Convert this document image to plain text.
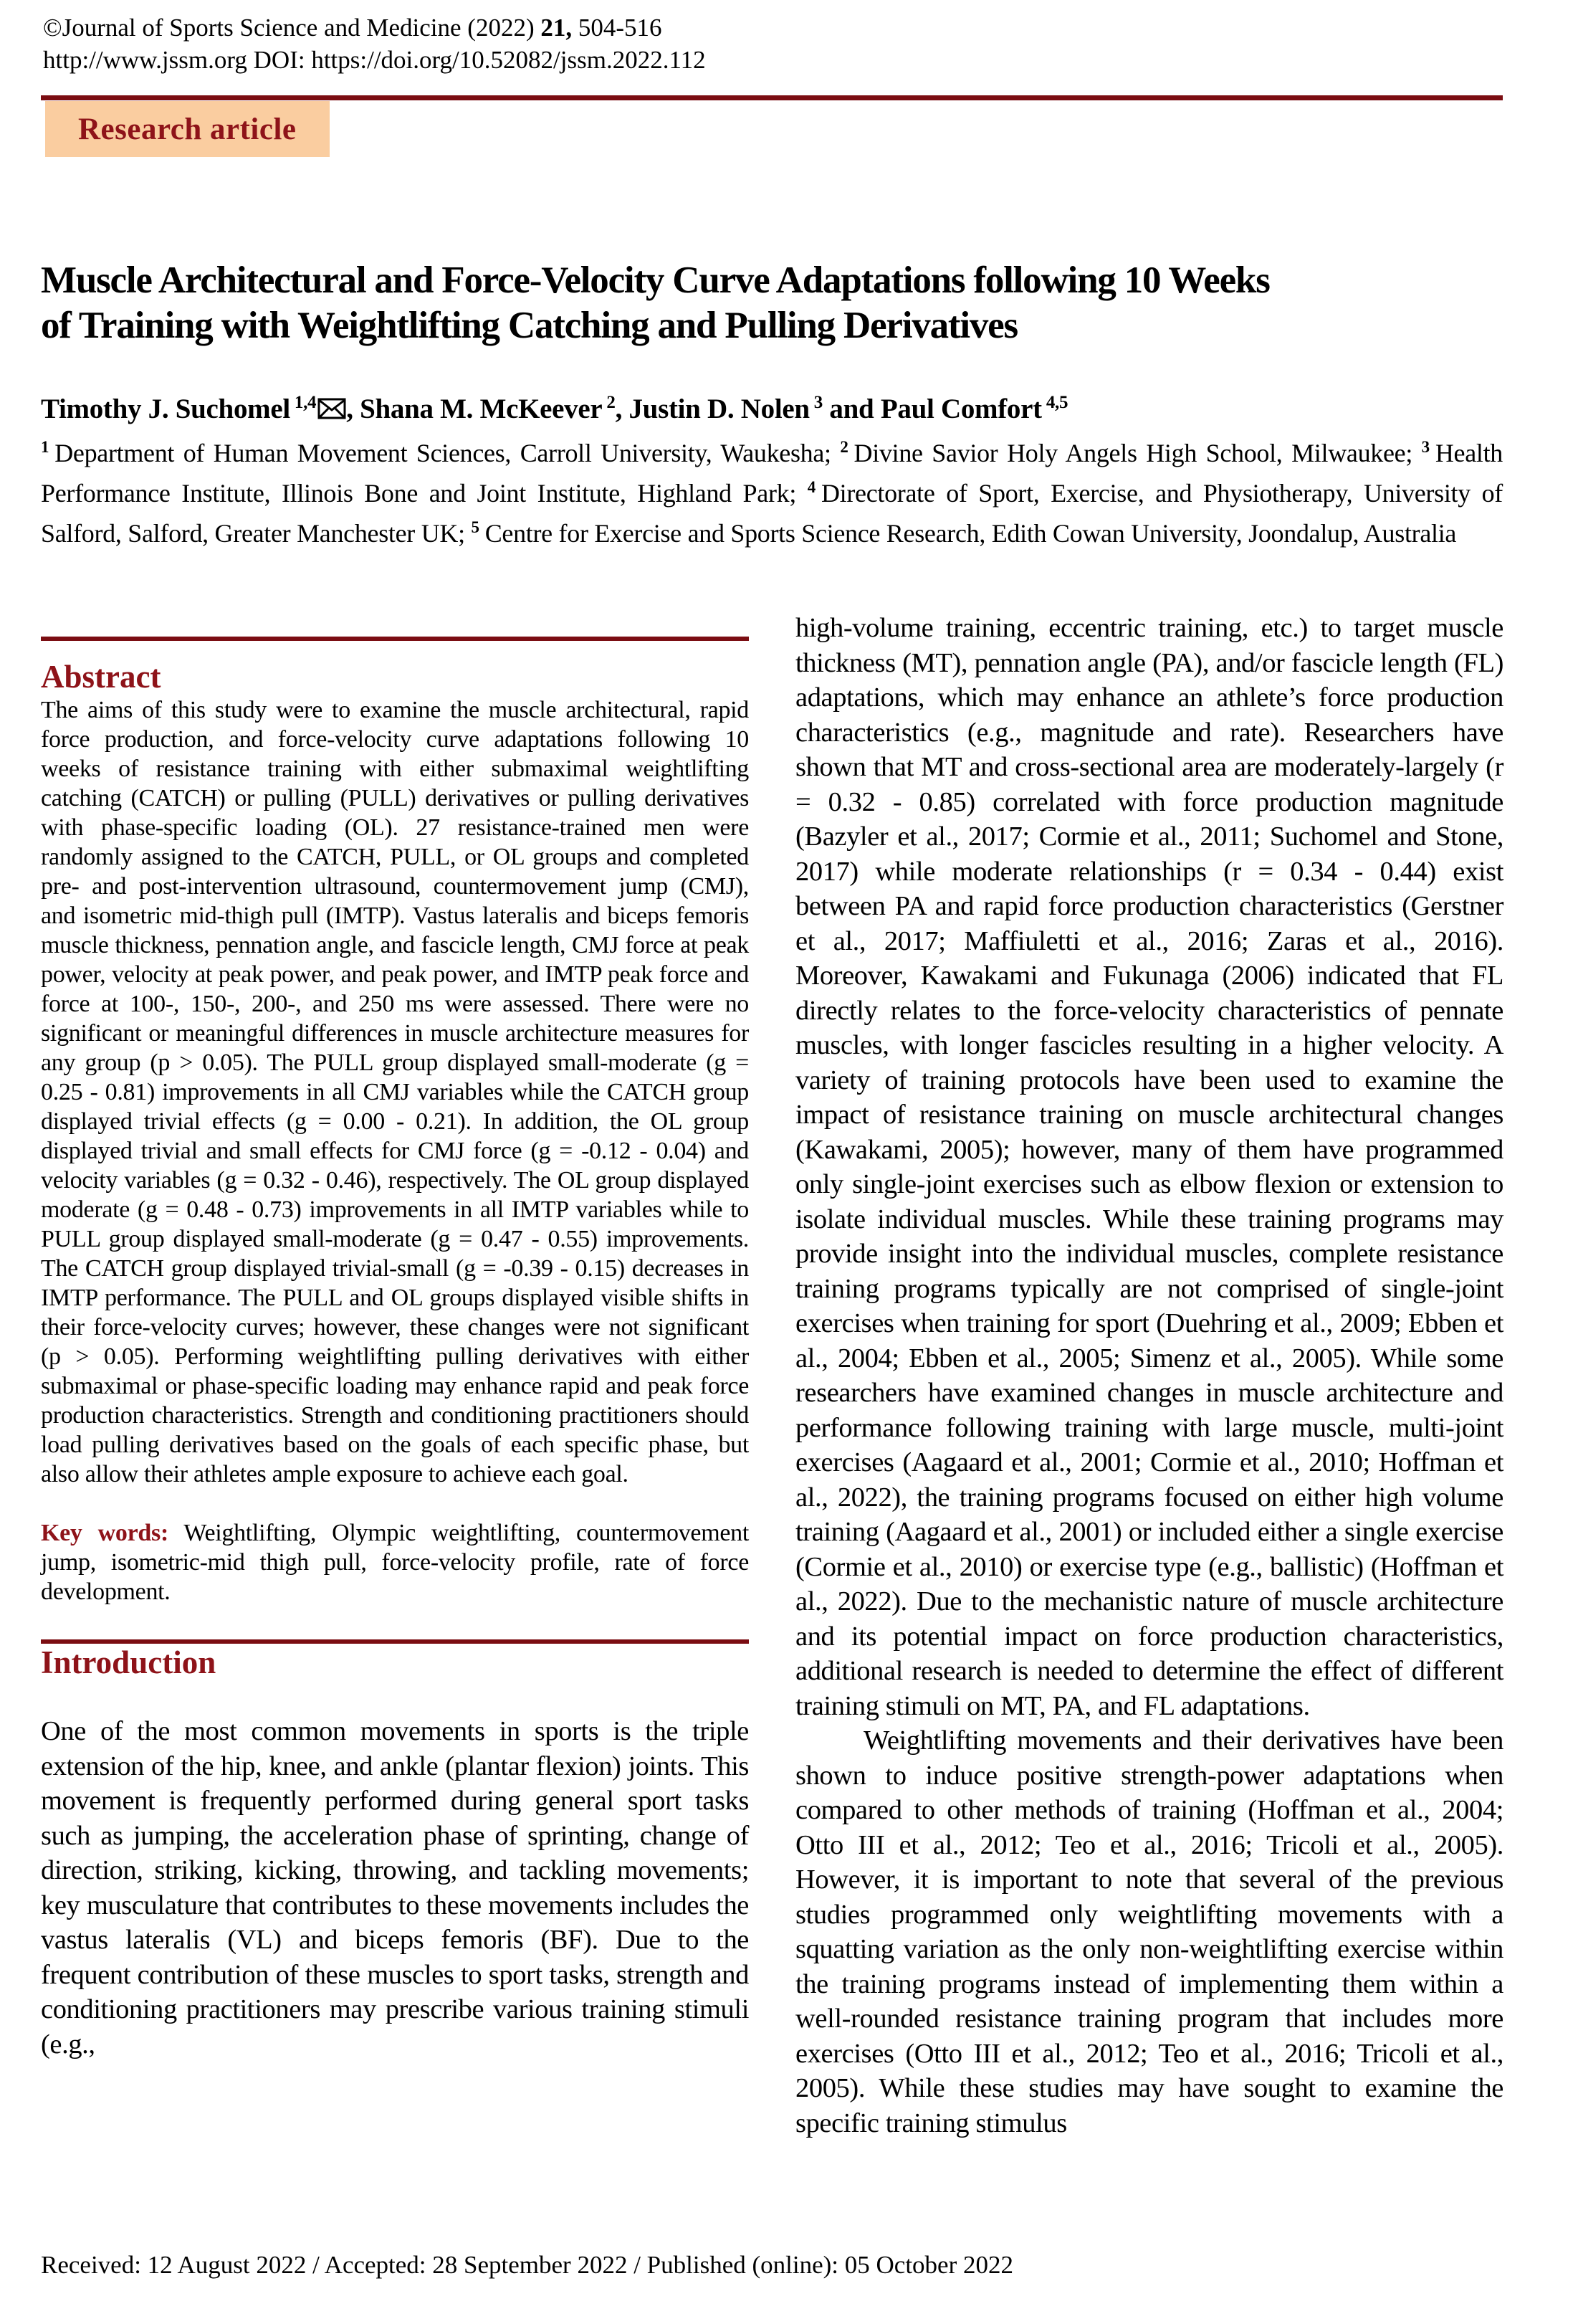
©Journal of Sports Science and Medicine (2022) 21, 504-516
http://www.jssm.org DOI: https://doi.org/10.52082/jssm.2022.112
Research article
Muscle Architectural and Force-Velocity Curve Adaptations following 10 Weeks
of Training with Weightlifting Catching and Pulling Derivatives
Timothy J. Suchomel $^{1,4}$ , Shana M. McKeever $^2$, Justin D. Nolen $^3$ and Paul Comfort $^{4,5}$
$^1$ Department of Human Movement Sciences, Carroll University, Waukesha; $^2$ Divine Savior Holy Angels High School, Milwaukee; $^3$ Health Performance Institute, Illinois Bone and Joint Institute, Highland Park; $^4$ Directorate of Sport, Exercise, and Physiotherapy, University of Salford, Salford, Greater Manchester UK; $^5$ Centre for Exercise and Sports Science Research, Edith Cowan University, Joondalup, Australia
Abstract

The aims of this study were to examine the muscle architectural, rapid force production, and force-velocity curve adaptations following 10 weeks of resistance training with either submaximal weightlifting catching (CATCH) or pulling (PULL) derivatives or pulling derivatives with phase-specific loading (OL). 27 resistance-trained men were randomly assigned to the CATCH, PULL, or OL groups and completed pre- and post-intervention ultrasound, countermovement jump (CMJ), and isometric mid-thigh pull (IMTP). Vastus lateralis and biceps femoris muscle thickness, pennation angle, and fascicle length, CMJ force at peak power, velocity at peak power, and peak power, and IMTP peak force and force at 100-, 150-, 200-, and 250 ms were assessed. There were no significant or meaningful differences in muscle architecture measures for any group (p > 0.05). The PULL group displayed small-moderate (g = 0.25 - 0.81) improvements in all CMJ variables while the CATCH group displayed trivial effects (g = 0.00 - 0.21). In addition, the OL group displayed trivial and small effects for CMJ force (g = -0.12 - 0.04) and velocity variables (g = 0.32 - 0.46), respectively. The OL group displayed moderate (g = 0.48 - 0.73) improvements in all IMTP variables while to PULL group displayed small-moderate (g = 0.47 - 0.55) improvements. The CATCH group displayed trivial-small (g = -0.39 - 0.15) decreases in IMTP performance. The PULL and OL groups displayed visible shifts in their force-velocity curves; however, these changes were not significant (p > 0.05). Performing weightlifting pulling derivatives with either submaximal or phase-specific loading may enhance rapid and peak force production characteristics. Strength and conditioning practitioners should load pulling derivatives based on the goals of each specific phase, but also allow their athletes ample exposure to achieve each goal.

Key words: Weightlifting, Olympic weightlifting, countermovement jump, isometric-mid thigh pull, force-velocity profile, rate of force development.

Introduction

One of the most common movements in sports is the triple extension of the hip, knee, and ankle (plantar flexion) joints. This movement is frequently performed during general sport tasks such as jumping, the acceleration phase of sprinting, change of direction, striking, kicking, throwing, and tackling movements; key musculature that contributes to these movements includes the vastus lateralis (VL) and biceps femoris (BF). Due to the frequent contribution of these muscles to sport tasks, strength and conditioning practitioners may prescribe various training stimuli (e.g.,

high-volume training, eccentric training, etc.) to target muscle thickness (MT), pennation angle (PA), and/or fascicle length (FL) adaptations, which may enhance an athlete’s force production characteristics (e.g., magnitude and rate). Researchers have shown that MT and cross-sectional area are moderately-largely (r = 0.32 - 0.85) correlated with force production magnitude (Bazyler et al., 2017; Cormie et al., 2011; Suchomel and Stone, 2017) while moderate relationships (r = 0.34 - 0.44) exist between PA and rapid force production characteristics (Gerstner et al., 2017; Maffiuletti et al., 2016; Zaras et al., 2016). Moreover, Kawakami and Fukunaga (2006) indicated that FL directly relates to the force-velocity characteristics of pennate muscles, with longer fascicles resulting in a higher velocity. A variety of training protocols have been used to examine the impact of resistance training on muscle architectural changes (Kawakami, 2005); however, many of them have programmed only single-joint exercises such as elbow flexion or extension to isolate individual muscles. While these training programs may provide insight into the individual muscles, complete resistance training programs typically are not comprised of single-joint exercises when training for sport (Duehring et al., 2009; Ebben et al., 2004; Ebben et al., 2005; Simenz et al., 2005). While some researchers have examined changes in muscle architecture and performance following training with large muscle, multi-joint exercises (Aagaard et al., 2001; Cormie et al., 2010; Hoffman et al., 2022), the training programs focused on either high volume training (Aagaard et al., 2001) or included either a single exercise (Cormie et al., 2010) or exercise type (e.g., ballistic) (Hoffman et al., 2022). Due to the mechanistic nature of muscle architecture and its potential impact on force production characteristics, additional research is needed to determine the effect of different training stimuli on MT, PA, and FL adaptations.

Weightlifting movements and their derivatives have been shown to induce positive strength-power adaptations when compared to other methods of training (Hoffman et al., 2004; Otto III et al., 2012; Teo et al., 2016; Tricoli et al., 2005). However, it is important to note that several of the previous studies programmed only weightlifting movements with a squatting variation as the only non-weightlifting exercise within the training programs instead of implementing them within a well-rounded resistance training program that includes more exercises (Otto III et al., 2012; Teo et al., 2016; Tricoli et al., 2005). While these studies may have sought to examine the specific training stimulus

Received: 12 August 2022 / Accepted: 28 September 2022 / Published (online): 05 October 2022
